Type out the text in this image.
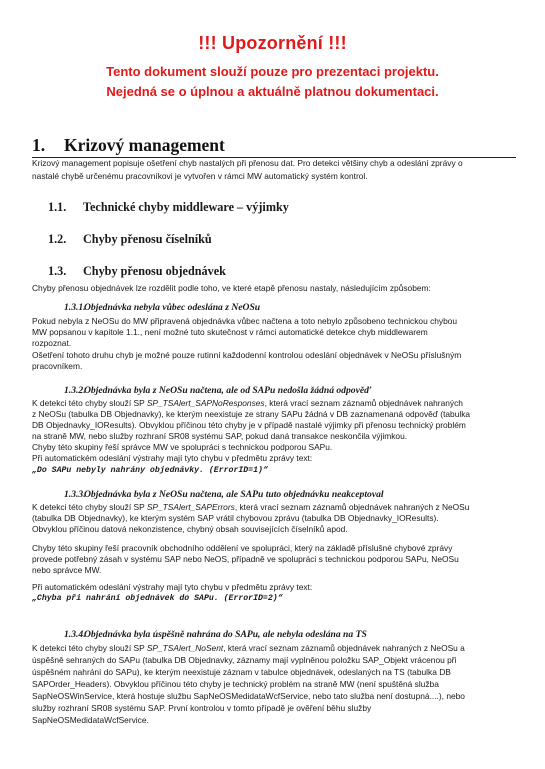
!!! Upozornění !!!
Tento dokument slouží pouze pro prezentaci projektu.
Nejedná se o úplnou a aktuálně platnou dokumentaci.
1. Krizový management
Krizový management popisuje ošetření chyb nastalých při přenosu dat. Pro detekci většiny chyb a odeslání zprávy o
nastalé chybě určenému pracovníkovi je vytvořen v rámci MW automatický systém kontrol.
1.1. Technické chyby middleware – výjimky
1.2. Chyby přenosu číselníků
1.3. Chyby přenosu objednávek
Chyby přenosu objednávek lze rozdělit podle toho, ve které etapě přenosu nastaly, následujícím způsobem:
1.3.1.Objednávka nebyla vůbec odeslána z NeOSu
Pokud nebyla z NeOSu do MW připravená objednávka vůbec načtena a toto nebylo způsobeno technickou chybou
MW popsanou v kapitole 1.1., není možné tuto skutečnost v rámci automatické detekce chyb middlewarem
rozpoznat.
Ošetření tohoto druhu chyb je možné pouze rutinní každodenní kontrolou odeslání objednávek v NeOSu příslušným
pracovníkem.
1.3.2.Objednávka byla z NeOSu načtena, ale od SAPu nedošla žádná odpověď
K detekci této chyby slouží SP SP_TSAlert_SAPNoResponses, která vrací seznam záznamů objednávek nahraných
z NeOSu (tabulka DB Objednavky), ke kterým neexistuje ze strany SAPu žádná v DB zaznamenaná odpověď (tabulka
DB Objednavky_IOResults). Obvyklou příčinou této chyby je v případě nastalé výjimky při přenosu technický problém
na straně MW, nebo služby rozhraní SR08 systému SAP, pokud daná transakce neskončila výjimkou.
Chyby této skupiny řeší správce MW ve spolupráci s technickou podporou SAPu.
Při automatickém odeslání výstrahy mají tyto chybu v předmětu zprávy text:
„Do SAPu nebyly nahrány objednávky. (ErrorID=1)“
1.3.3.Objednávka byla z NeOSu načtena, ale SAPu tuto objednávku neakceptoval
K detekci této chyby slouží SP SP_TSAlert_SAPErrors, která vrací seznam záznamů objednávek nahraných z NeOSu
(tabulka DB Objednavky), ke kterým systém SAP vrátil chybovou zprávu (tabulka DB Objednavky_IOResults).
Obvyklou příčinou datová nekonzistence, chybný obsah souvisejících číselníků apod.
Chyby této skupiny řeší pracovník obchodního oddělení ve spolupráci, který na základě příslušné chybové zprávy
provede potřebný zásah v systému SAP nebo NeOS, případně ve spolupráci s technickou podporou SAPu, NeOSu
nebo správce MW.
Při automatickém odeslání výstrahy mají tyto chybu v předmětu zprávy text:
„Chyba při nahrání objednávek do SAPu. (ErrorID=2)“
1.3.4.Objednávka byla úspěšně nahrána do SAPu, ale nebyla odeslána na TS
K detekci této chyby slouží SP SP_TSAlert_NoSent, která vrací seznam záznamů objednávek nahraných z NeOSu a
úspěšně sehraných do SAPu (tabulka DB Objednavky, záznamy mají vyplněnou položku SAP_Objekt vrácenou při
úspěšném nahrání do SAPu), ke kterým neexistuje záznam v tabulce objednávek, odeslaných na TS (tabulka DB
SAPOrder_Headers). Obvyklou příčinou této chyby je technický problém na straně MW (není spuštěná služba
SapNeOSWinService, která hostuje službu SapNeOSMedidataWcfService, nebo tato služba není dostupná....), nebo
služby rozhraní SR08 systému SAP. První kontrolou v tomto případě je ověření běhu služby
SapNeOSMedidataWcfService.
